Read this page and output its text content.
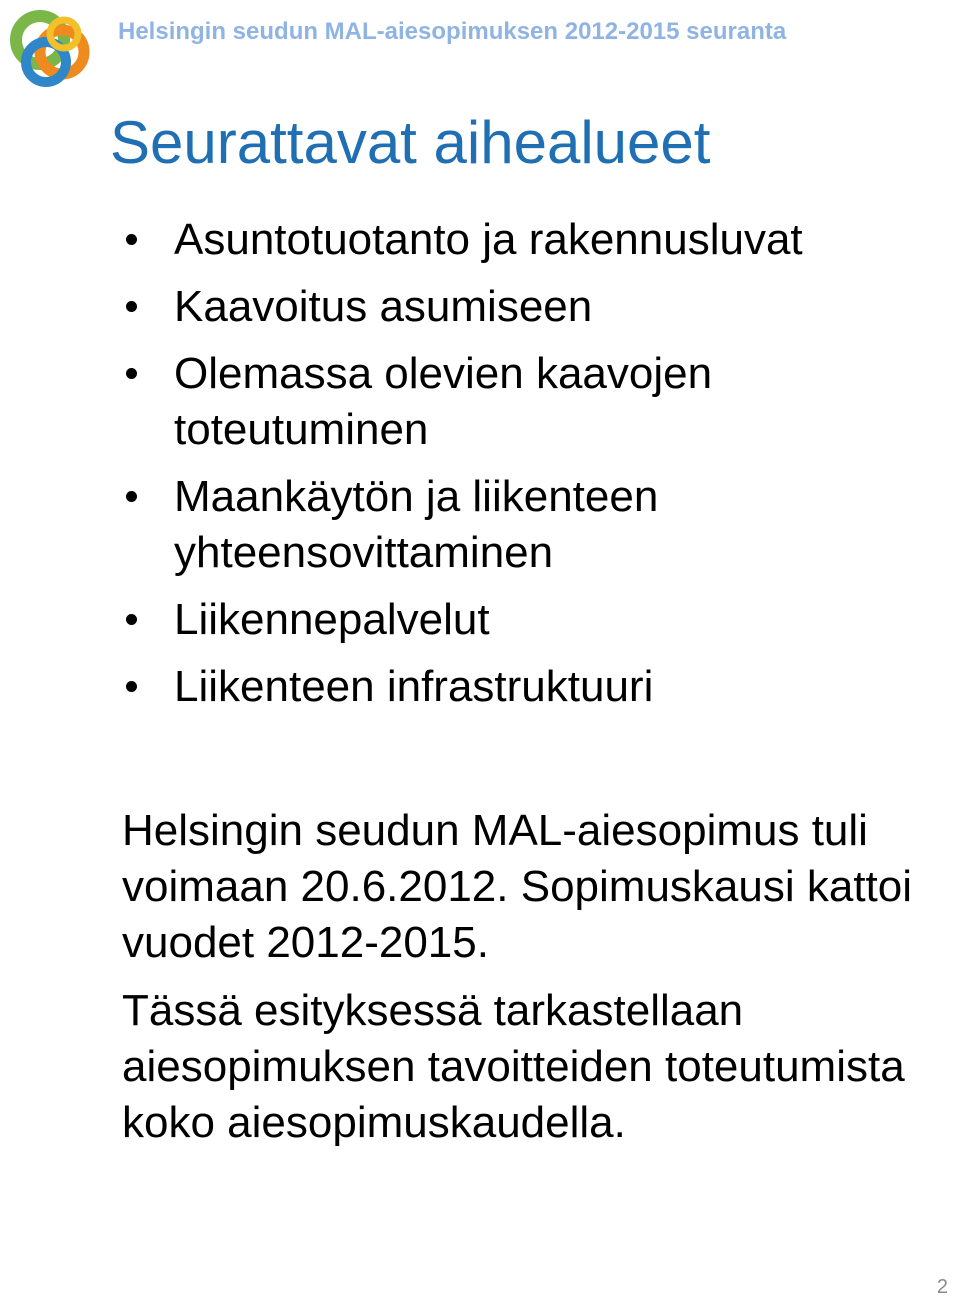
Helsingin seudun MAL-aiesopimuksen 2012-2015 seuranta
Seurattavat aihealueet
Asuntotuotanto ja rakennusluvat
Kaavoitus asumiseen
Olemassa olevien kaavojen toteutuminen
Maankäytön ja liikenteen yhteensovittaminen
Liikennepalvelut
Liikenteen infrastruktuuri

Helsingin seudun MAL-aiesopimus tuli voimaan 20.6.2012. Sopimuskausi kattoi vuodet 2012-2015.

Tässä esityksessä tarkastellaan aiesopimuksen tavoitteiden toteutumista koko aiesopimuskaudella.

2
